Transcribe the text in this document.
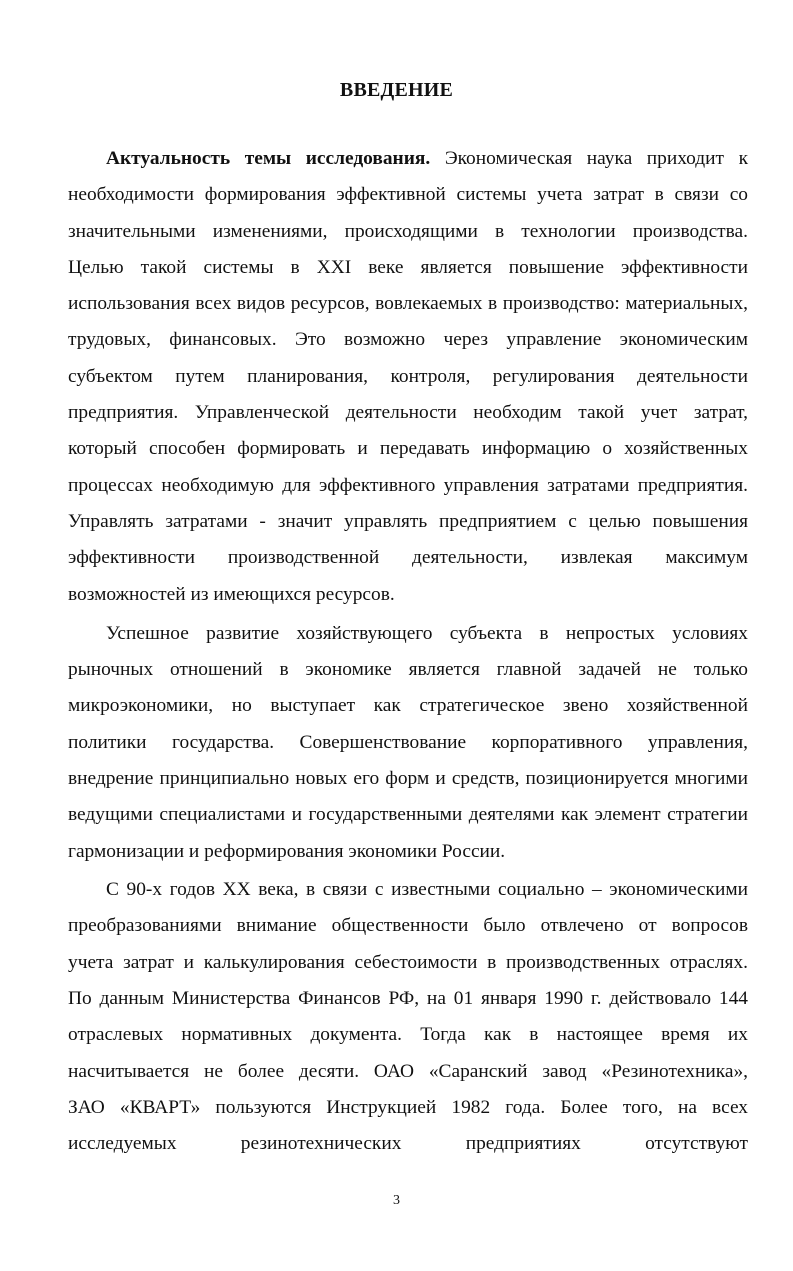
ВВЕДЕНИЕ
Актуальность темы исследования. Экономическая наука приходит к
необходимости формирования эффективной системы учета затрат в связи со
значительными изменениями, происходящими в технологии производства.
Целью такой системы в XXI веке является повышение эффективности
использования всех видов ресурсов, вовлекаемых в производство: материальных,
трудовых, финансовых. Это возможно через управление экономическим
субъектом путем планирования, контроля, регулирования деятельности
предприятия. Управленческой деятельности необходим такой учет затрат,
который способен формировать и передавать информацию о хозяйственных
процессах необходимую для эффективного управления затратами предприятия.
Управлять затратами - значит управлять предприятием с целью повышения
эффективности производственной деятельности, извлекая максимум
возможностей из имеющихся ресурсов.
Успешное развитие хозяйствующего субъекта в непростых условиях
рыночных отношений в экономике является главной задачей не только
микроэкономики, но выступает как стратегическое звено хозяйственной
политики государства. Совершенствование корпоративного управления,
внедрение принципиально новых его форм и средств, позиционируется многими
ведущими специалистами и государственными деятелями как элемент стратегии
гармонизации и реформирования экономики России.
С 90-х годов XX века, в связи с известными социально – экономическими
преобразованиями внимание общественности было отвлечено от вопросов
учета затрат и калькулирования себестоимости в производственных отраслях.
По данным Министерства Финансов РФ, на 01 января 1990 г. действовало 144
отраслевых нормативных документа. Тогда как в настоящее время их
насчитывается не более десяти. ОАО «Саранский завод «Резинотехника»,
ЗАО «КВАРТ» пользуются Инструкцией 1982 года. Более того, на всех
исследуемых резинотехнических предприятиях отсутствуют
3
